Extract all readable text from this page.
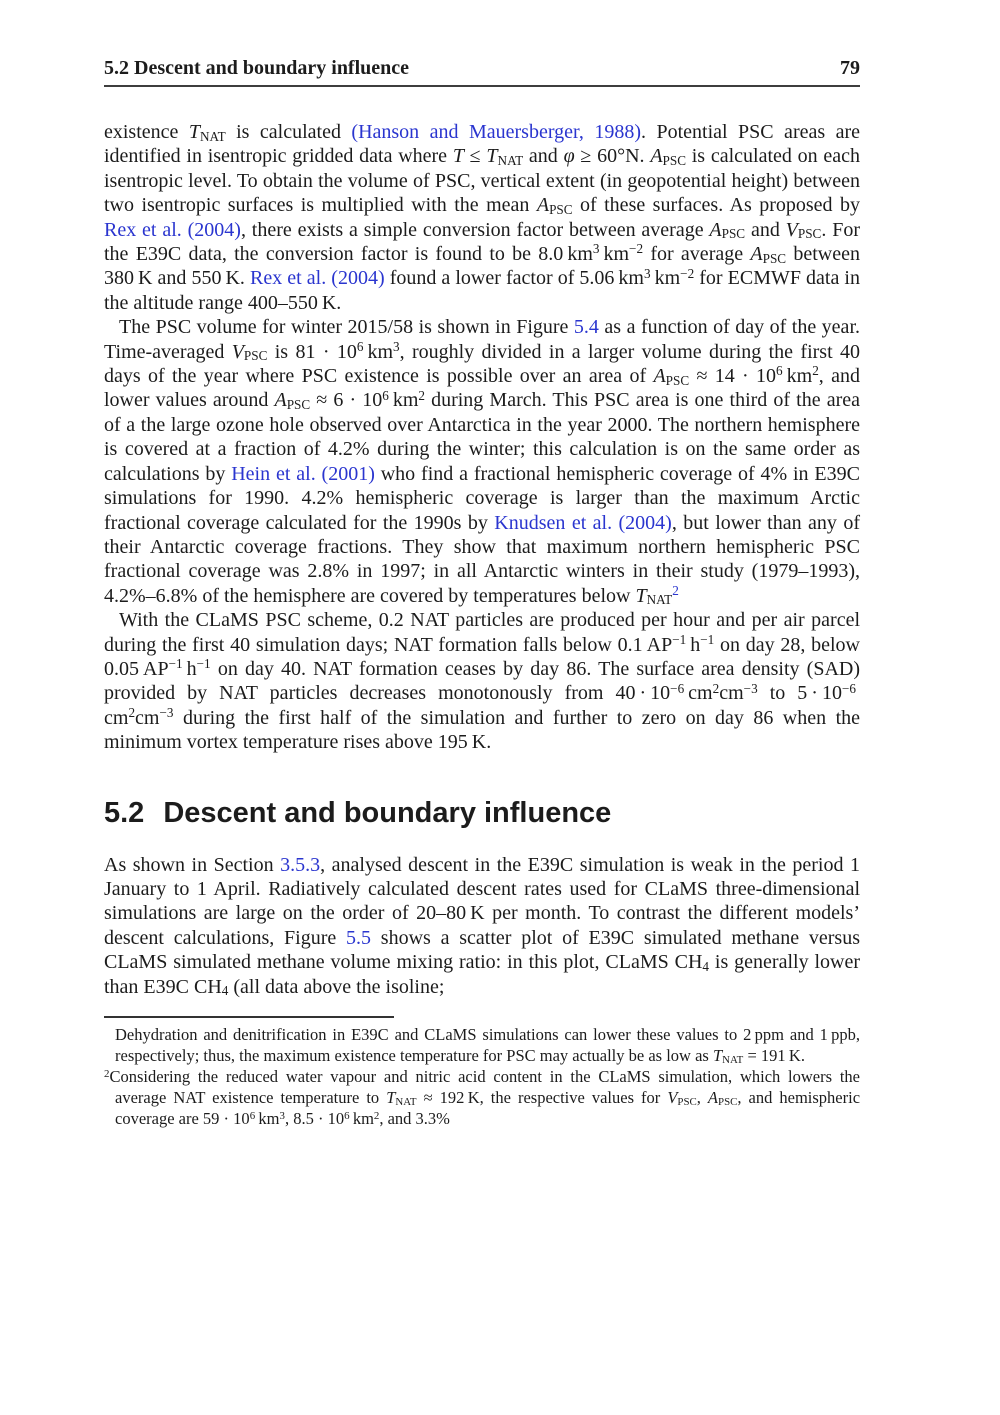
5.2 Descent and boundary influence	79

existence $T_{NAT}$ is calculated (Hanson and Mauersberger, 1988). Potential PSC areas are identified in isentropic gridded data where $T \le T_{NAT}$ and φ ≥ 60°N. $A_{PSC}$ is calculated on each isentropic level. To obtain the volume of PSC, vertical extent (in geopotential height) between two isentropic surfaces is multiplied with the mean $A_{PSC}$ of these surfaces. As proposed by Rex et al. (2004), there exists a simple conversion factor between average $A_{PSC}$ and $V_{PSC}$. For the E39C data, the conversion factor is found to be 8.0 $km^3$ $km^{-2}$ for average $A_{PSC}$ between 380 K and 550 K. Rex et al. (2004) found a lower factor of 5.06 $km^3$ $km^{-2}$ for ECMWF data in the altitude range 400–550 K.

The PSC volume for winter 2015/58 is shown in Figure 5.4 as a function of day of the year. Time-averaged $V_{PSC}$ is $81 \cdot 10^6$ $km^3$, roughly divided in a larger volume during the first 40 days of the year where PSC existence is possible over an area of $A_{PSC} \approx 14 \cdot 10^6$ $km^2$, and lower values around $A_{PSC} \approx 6 \cdot 10^6$ $km^2$ during March. This PSC area is one third of the area of a the large ozone hole observed over Antarctica in the year 2000. The northern hemisphere is covered at a fraction of 4.2% during the winter; this calculation is on the same order as calculations by Hein et al. (2001) who find a fractional hemispheric coverage of 4% in E39C simulations for 1990. 4.2% hemispheric coverage is larger than the maximum Arctic fractional coverage calculated for the 1990s by Knudsen et al. (2004), but lower than any of their Antarctic coverage fractions. They show that maximum northern hemispheric PSC fractional coverage was 2.8% in 1997; in all Antarctic winters in their study (1979–1993), 4.2%–6.8% of the hemisphere are covered by temperatures below $T_{NAT}^2$

With the CLaMS PSC scheme, 0.2 NAT particles are produced per hour and per air parcel during the first 40 simulation days; NAT formation falls below 0.1 $AP^{-1}$ $h^{-1}$ on day 28, below 0.05 $AP^{-1}$ $h^{-1}$ on day 40. NAT formation ceases by day 86. The surface area density (SAD) provided by NAT particles decreases monotonously from $40 \cdot 10^{-6}$ $cm^2cm^{-3}$ to $5 \cdot 10^{-6}$ $cm^2cm^{-3}$ during the first half of the simulation and further to zero on day 86 when the minimum vortex temperature rises above 195 K.

5.2 Descent and boundary influence

As shown in Section 3.5.3, analysed descent in the E39C simulation is weak in the period 1 January to 1 April. Radiatively calculated descent rates used for CLaMS three-dimensional simulations are large on the order of 20–80 K per month. To contrast the different models’ descent calculations, Figure 5.5 shows a scatter plot of E39C simulated methane versus CLaMS simulated methane volume mixing ratio: in this plot, CLaMS $CH_4$ is generally lower than E39C $CH_4$ (all data above the isoline;

Dehydration and denitrification in E39C and CLaMS simulations can lower these values to 2 ppm and 1 ppb, respectively; thus, the maximum existence temperature for PSC may actually be as low as $T_{NAT} = 191$ K.

$^2$Considering the reduced water vapour and nitric acid content in the CLaMS simulation, which lowers the average NAT existence temperature to $T_{NAT} \approx 192$ K, the respective values for $V_{PSC}$, $A_{PSC}$, and hemispheric coverage are $59 \cdot 10^6$ $km^3$, $8.5 \cdot 10^6$ $km^2$, and 3.3%
